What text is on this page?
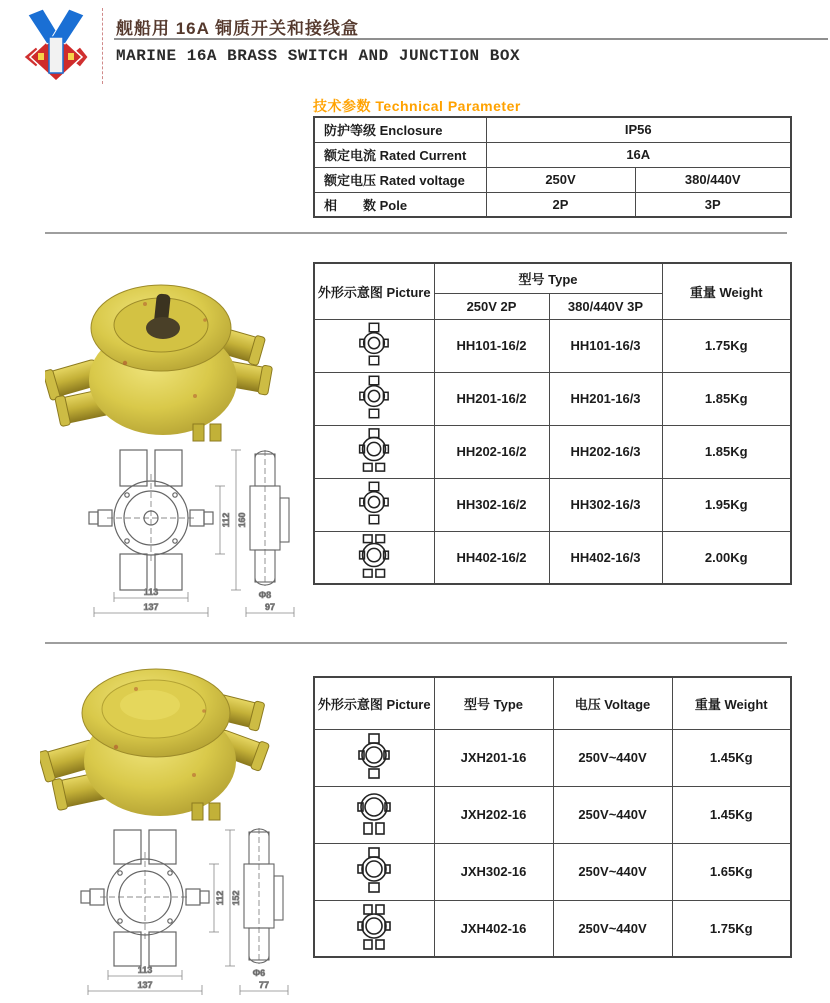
舰船用 16A 铜质开关和接线盒
MARINE 16A BRASS SWITCH AND JUNCTION BOX
技术参数 Technical Parameter
防护等级 Enclosure	IP56	
额定电流 Rated Current	16A	
额定电压 Rated voltage	250V	380/440V
相　　数 Pole	2P	3P
113
137
112 160
Φ8
97
外形示意图 Picture	型号 Type		重量 Weight
	250V 2P	380/440V 3P	
	HH101-16/2	HH101-16/3	1.75Kg
	HH201-16/2	HH201-16/3	1.85Kg
	HH202-16/2	HH202-16/3	1.85Kg
	HH302-16/2	HH302-16/3	1.95Kg
	HH402-16/2	HH402-16/3	2.00Kg
113
137
112 152
Φ6
77
外形示意图 Picture	型号 Type	电压 Voltage	重量 Weight
	JXH201-16	250V~440V	1.45Kg
	JXH202-16	250V~440V	1.45Kg
	JXH302-16	250V~440V	1.65Kg
	JXH402-16	250V~440V	1.75Kg
